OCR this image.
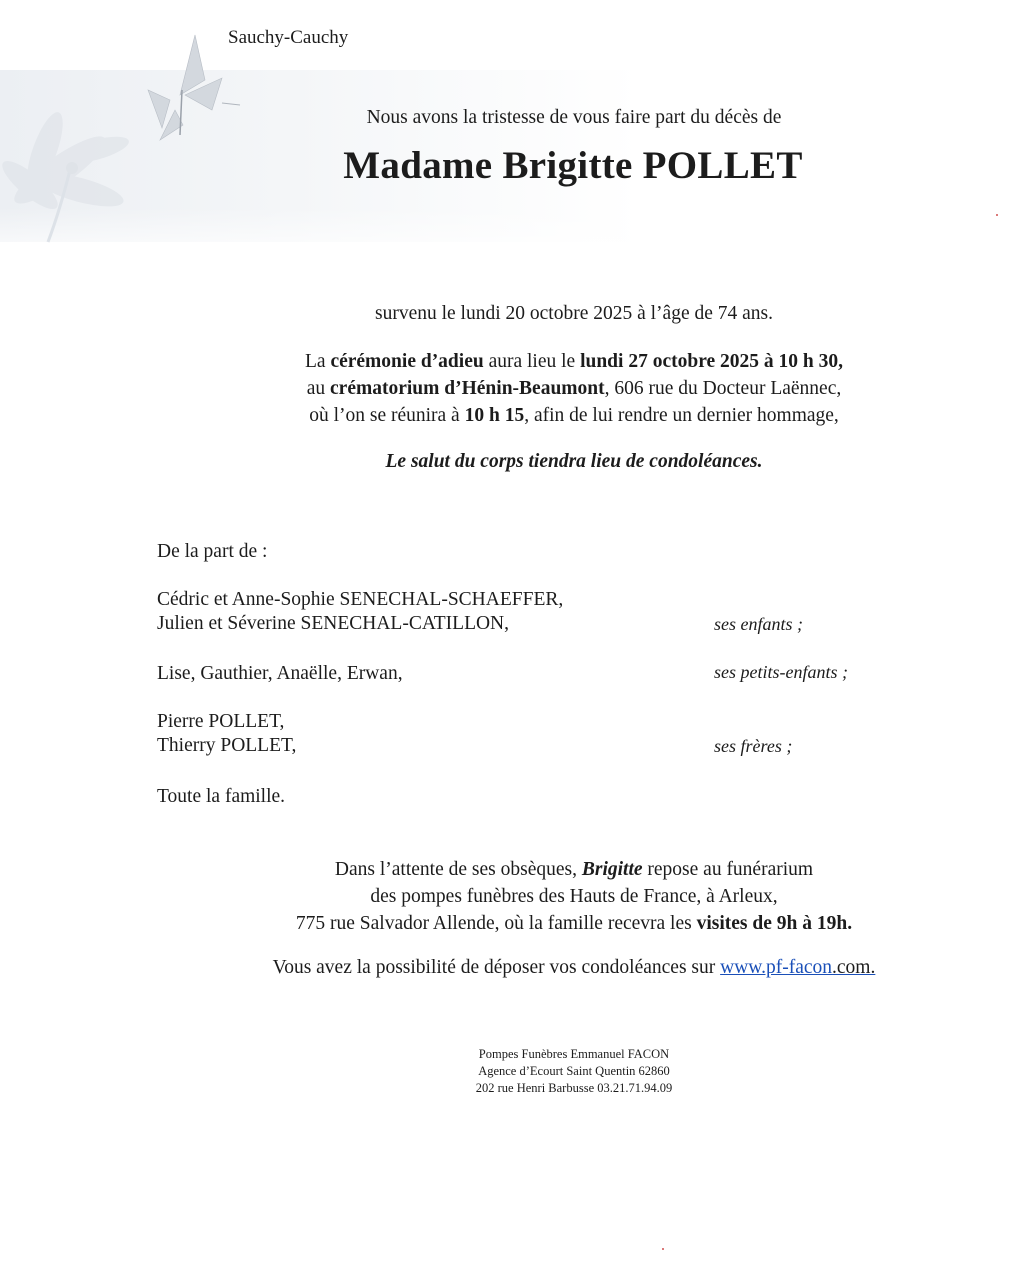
Sauchy-Cauchy
Nous avons la tristesse de vous faire part du décès de
Madame Brigitte POLLET
survenu le lundi 20 octobre 2025 à l’âge de 74 ans.
La cérémonie d’adieu aura lieu le lundi 27 octobre 2025 à 10 h 30,
au crématorium d’Hénin-Beaumont, 606 rue du Docteur Laënnec,
où l’on se réunira à 10 h 15, afin de lui rendre un dernier hommage,
Le salut du corps tiendra lieu de condoléances.
De la part de :
Cédric et Anne-Sophie SENECHAL-SCHAEFFER,
Julien et Séverine SENECHAL-CATILLON,	ses enfants ;
Lise, Gauthier, Anaëlle, Erwan,	ses petits-enfants ;
Pierre POLLET,
Thierry POLLET,	ses frères ;
Toute la famille.
Dans l’attente de ses obsèques, Brigitte repose au funérarium
des pompes funèbres des Hauts de France, à Arleux,
775 rue Salvador Allende, où la famille recevra les visites de 9h à 19h.
Vous avez la possibilité de déposer vos condoléances sur www.pf-facon.com.
Pompes Funèbres Emmanuel FACON
Agence d’Ecourt Saint Quentin 62860
202 rue Henri Barbusse 03.21.71.94.09
